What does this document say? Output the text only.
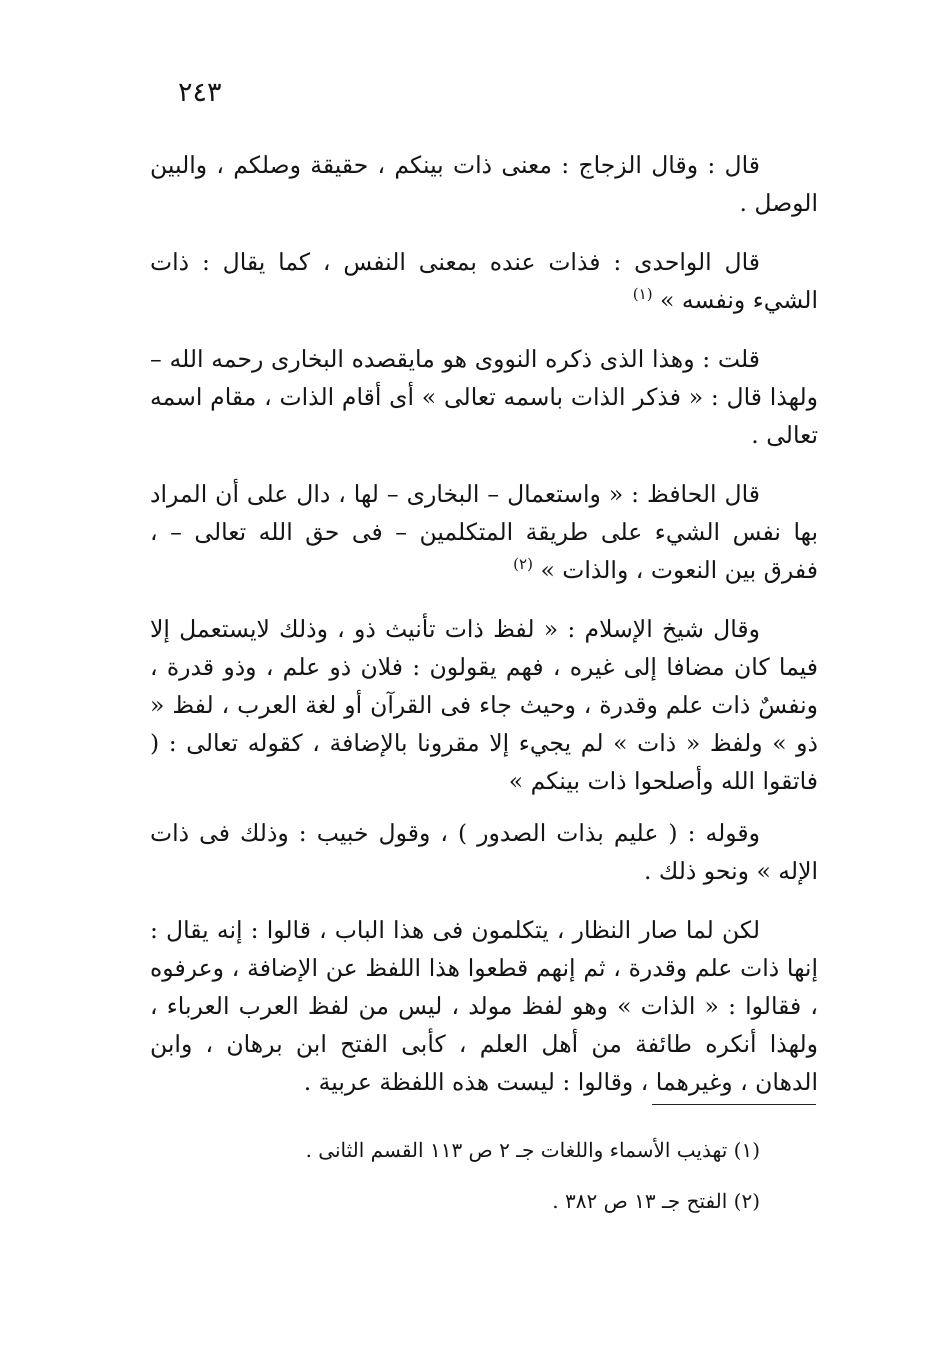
٢٤٣

قال : وقال الزجاج : معنى ذات بينكم ، حقيقة وصلكم ، والبين الوصل .

قال الواحدى : فذات عنده بمعنى النفس ، كما يقال : ذات الشيء ونفسه » $^{(١)}$

قلت : وهذا الذى ذكره النووى هو مايقصده البخارى رحمه الله – ولهذا قال : « فذكر الذات باسمه تعالى » أى أقام الذات ، مقام اسمه تعالى .

قال الحافظ : « واستعمال – البخارى – لها ، دال على أن المراد بها نفس الشيء على طريقة المتكلمين – فى حق الله تعالى – ، ففرق بين النعوت ، والذات » $^{(٢)}$

وقال شيخ الإسلام : « لفظ ذات تأنيث ذو ، وذلك لايستعمل إلا فيما كان مضافا إلى غيره ، فهم يقولون : فلان ذو علم ، وذو قدرة ، ونفسٌ ذات علم وقدرة ، وحيث جاء فى القرآن أو لغة العرب ، لفظ « ذو » ولفظ « ذات » لم يجيء إلا مقرونا بالإضافة ، كقوله تعالى : ( فاتقوا الله وأصلحوا ذات بينكم »

وقوله : ( عليم بذات الصدور ) ، وقول خبيب : وذلك فى ذات الإله » ونحو ذلك .

لكن لما صار النظار ، يتكلمون فى هذا الباب ، قالوا : إنه يقال : إنها ذات علم وقدرة ، ثم إنهم قطعوا هذا اللفظ عن الإضافة ، وعرفوه ، فقالوا : « الذات » وهو لفظ مولد ، ليس من لفظ العرب العرباء ، ولهذا أنكره طائفة من أهل العلم ، كأبى الفتح ابن برهان ، وابن الدهان ، وغيرهما ، وقالوا : ليست هذه اللفظة عربية .

(١) تهذيب الأسماء واللغات جـ ٢ ص ١١٣ القسم الثانى .

(٢) الفتح جـ ١٣ ص ٣٨٢ .
